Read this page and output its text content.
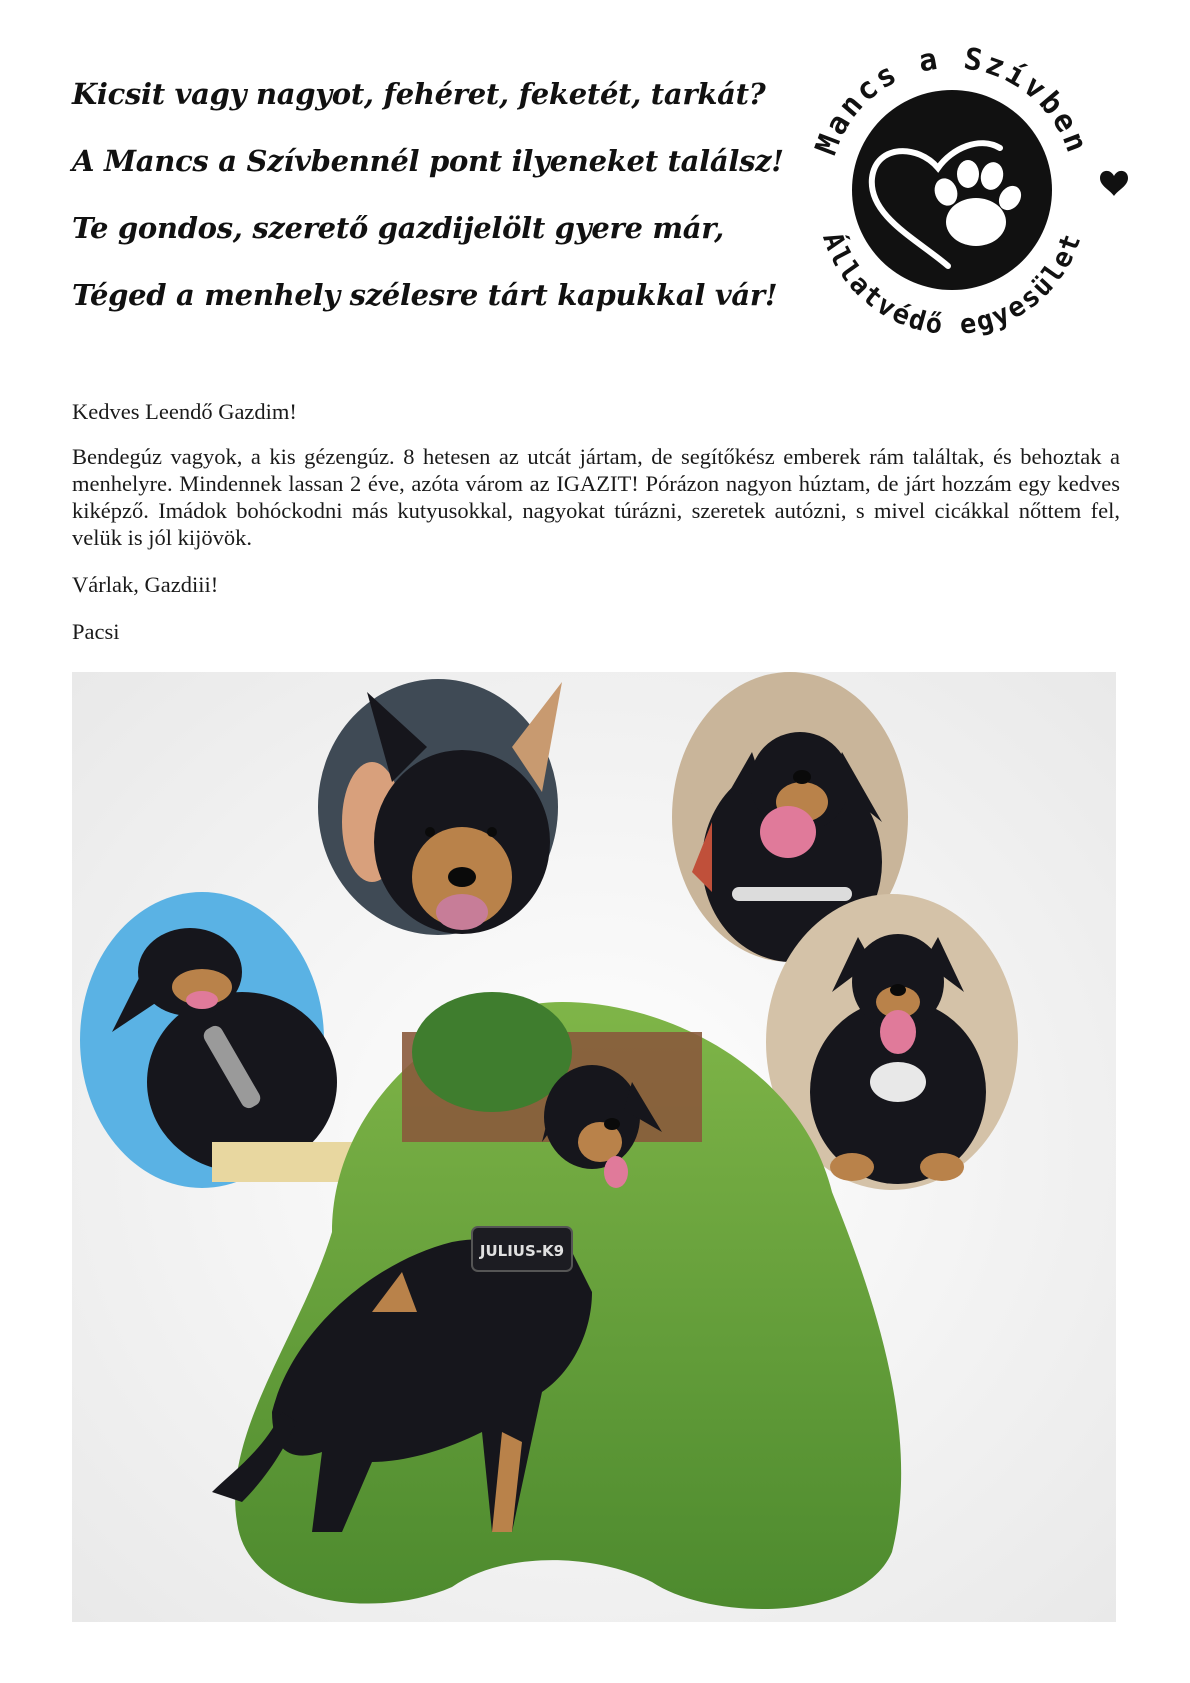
Kicsit vagy nagyot, fehéret, feketét, tarkát?
A Mancs a Szívbennél pont ilyeneket találsz!
Te gondos, szerető gazdijelölt gyere már,
Téged a menhely szélesre tárt kapukkal vár!
Mancs a Szívben
Állatvédő egyesület

Kedves Leendő Gazdim!

Bendegúz vagyok, a kis gézengúz. 8 hetesen az utcát jártam, de segítőkész emberek rám találtak, és behoztak a menhelyre. Mindennek lassan 2 éve, azóta várom az IGAZIT! Pórázon nagyon húztam, de járt hozzám egy kedves kiképző. Imádok bohóckodni más kutyusokkal, nagyokat túrázni, szeretek autózni, s mivel cicákkal nőttem fel, velük is jól kijövök.

Várlak, Gazdiii!

Pacsi

JULIUS-K9
